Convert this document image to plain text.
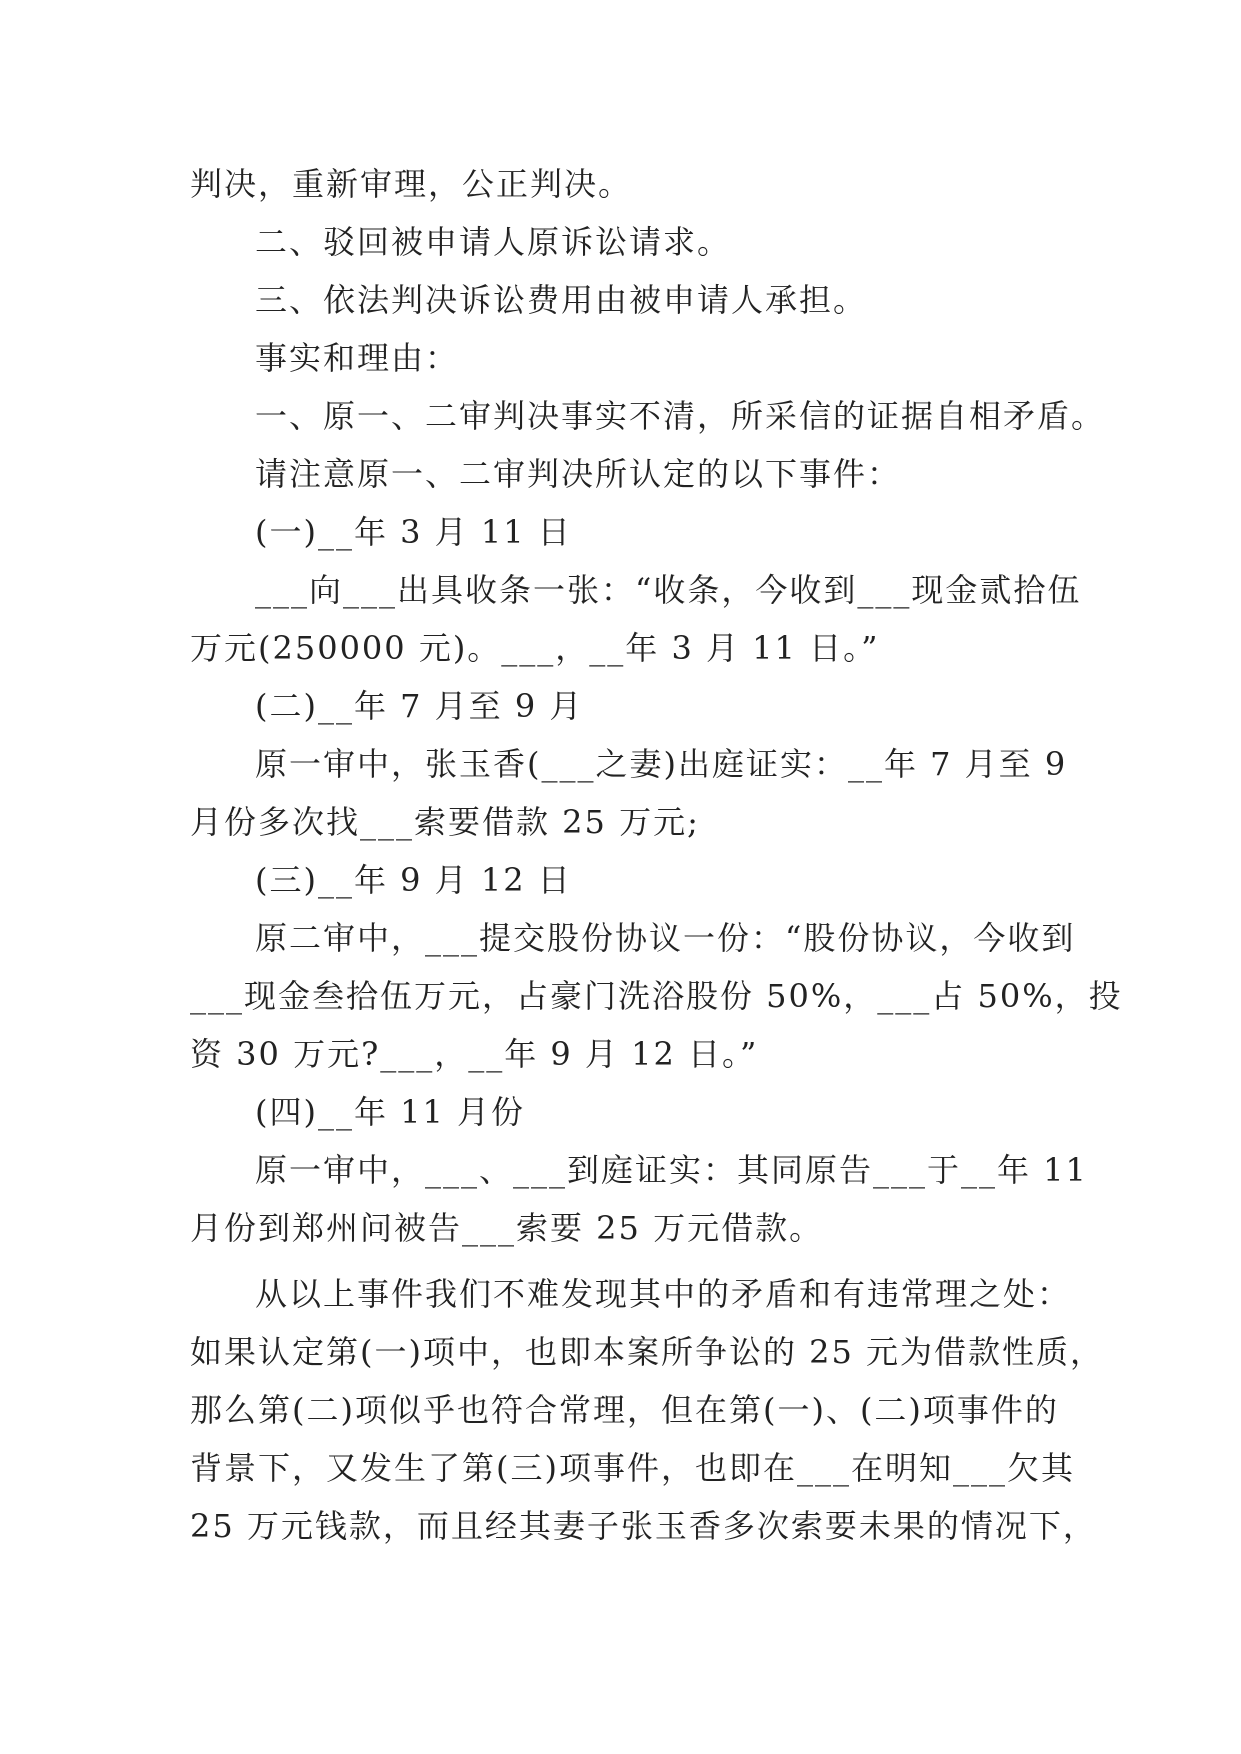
判决，重新审理，公正判决。
二、驳回被申请人原诉讼请求。
三、依法判决诉讼费用由被申请人承担。
事实和理由：
一、原一、二审判决事实不清，所采信的证据自相矛盾。
请注意原一、二审判决所认定的以下事件：
(一)__年 3 月 11 日
___向___出具收条一张：“收条，今收到___现金贰拾伍
万元(250000 元)。___，__年 3 月 11 日。”
(二)__年 7 月至 9 月
原一审中，张玉香(___之妻)出庭证实：__年 7 月至 9
月份多次找___索要借款 25 万元;
(三)__年 9 月 12 日
原二审中，___提交股份协议一份：“股份协议，今收到
___现金叁拾伍万元，占豪门洗浴股份 50%，___占 50%，投
资 30 万元?___，__年 9 月 12 日。”
(四)__年 11 月份
原一审中，___、___到庭证实：其同原告___于__年 11
月份到郑州问被告___索要 25 万元借款。
从以上事件我们不难发现其中的矛盾和有违常理之处：
如果认定第(一)项中，也即本案所争讼的 25 元为借款性质，
那么第(二)项似乎也符合常理，但在第(一)、(二)项事件的
背景下，又发生了第(三)项事件，也即在___在明知___欠其
25 万元钱款，而且经其妻子张玉香多次索要未果的情况下，
